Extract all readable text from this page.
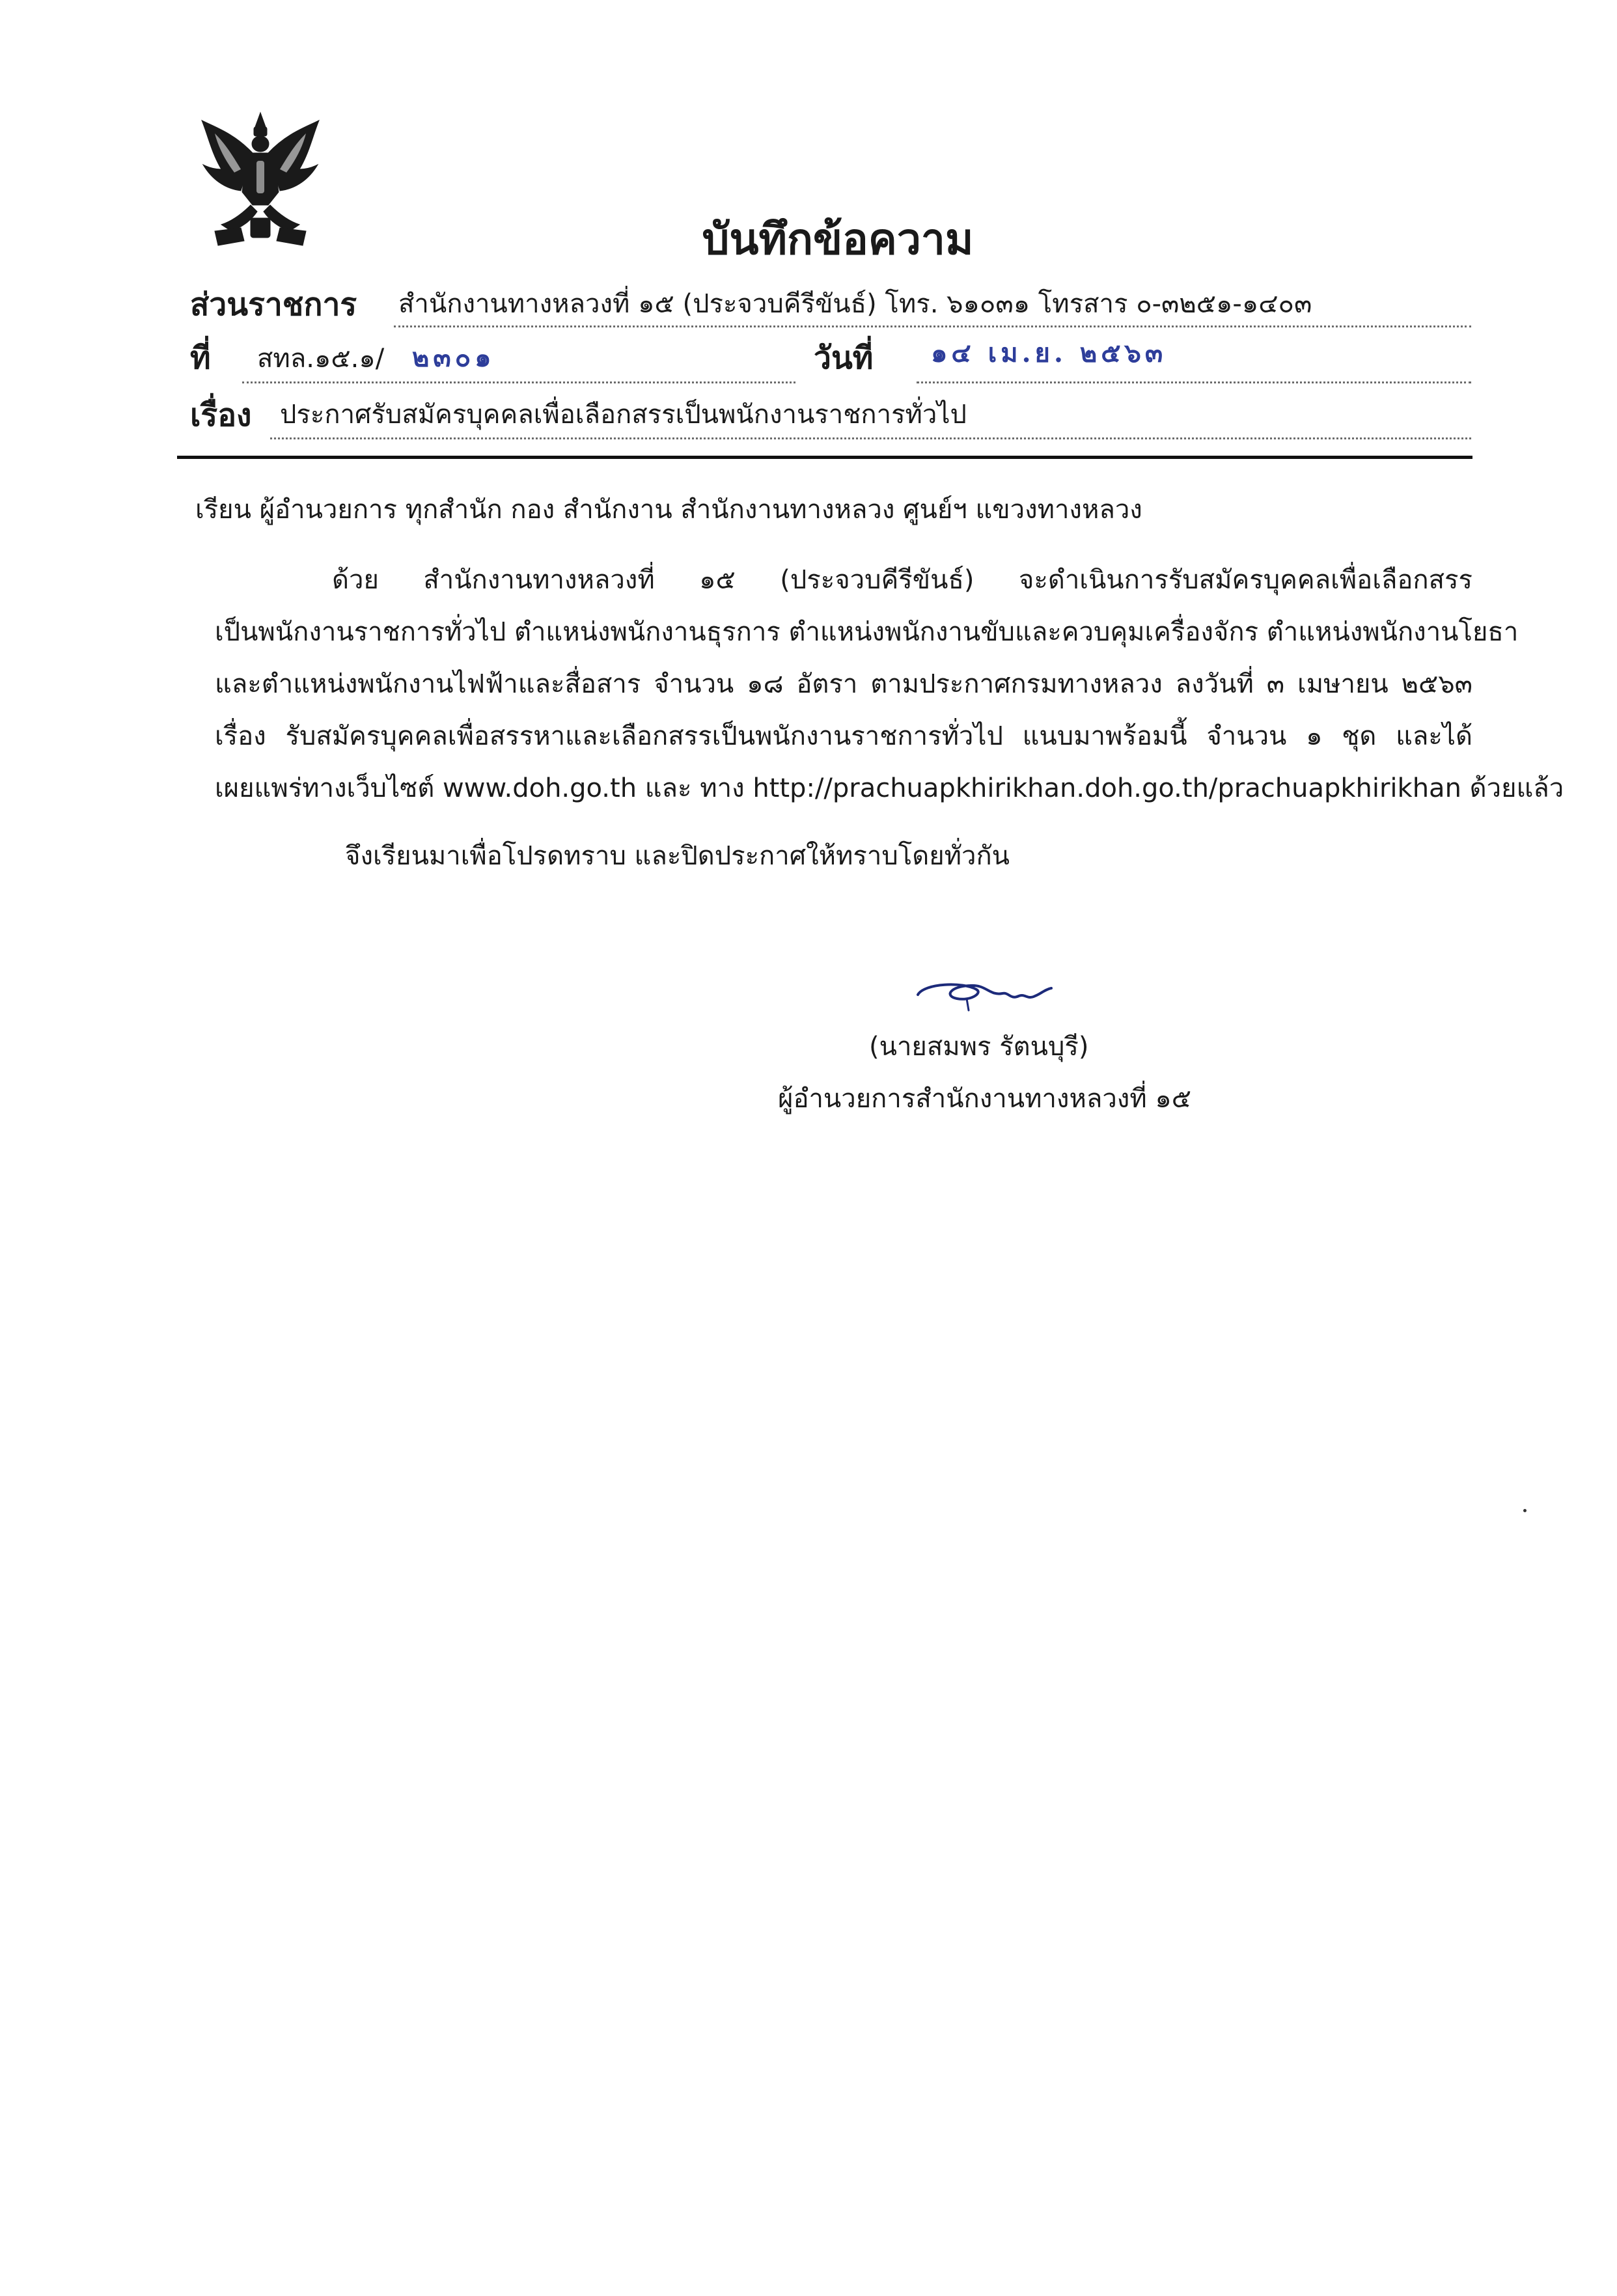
บันทึกข้อความ
ส่วนราชการ สำนักงานทางหลวงที่ ๑๕ (ประจวบคีรีขันธ์) โทร. ๖๑๐๓๑ โทรสาร ๐-๓๒๕๑-๑๔๐๓
ที่ สทล.๑๕.๑/ ๒๓๐๑	วันที่ ๑๔ เม.ย. ๒๕๖๓
เรื่อง ประกาศรับสมัครบุคคลเพื่อเลือกสรรเป็นพนักงานราชการทั่วไป
เรียน ผู้อำนวยการ ทุกสำนัก กอง สำนักงาน สำนักงานทางหลวง ศูนย์ฯ แขวงทางหลวง
ด้วย สำนักงานทางหลวงที่ ๑๕ (ประจวบคีรีขันธ์) จะดำเนินการรับสมัครบุคคลเพื่อเลือกสรร
เป็นพนักงานราชการทั่วไป ตำแหน่งพนักงานธุรการ ตำแหน่งพนักงานขับและควบคุมเครื่องจักร ตำแหน่งพนักงานโยธา
และตำแหน่งพนักงานไฟฟ้าและสื่อสาร จำนวน ๑๘ อัตรา ตามประกาศกรมทางหลวง ลงวันที่ ๓ เมษายน ๒๕๖๓
เรื่อง รับสมัครบุคคลเพื่อสรรหาและเลือกสรรเป็นพนักงานราชการทั่วไป แนบมาพร้อมนี้ จำนวน ๑ ชุด และได้
เผยแพร่ทางเว็บไซต์ www.doh.go.th และ ทาง http://prachuapkhirikhan.doh.go.th/prachuapkhirikhan ด้วยแล้ว
จึงเรียนมาเพื่อโปรดทราบ และปิดประกาศให้ทราบโดยทั่วกัน
(นายสมพร รัตนบุรี)
ผู้อำนวยการสำนักงานทางหลวงที่ ๑๕
